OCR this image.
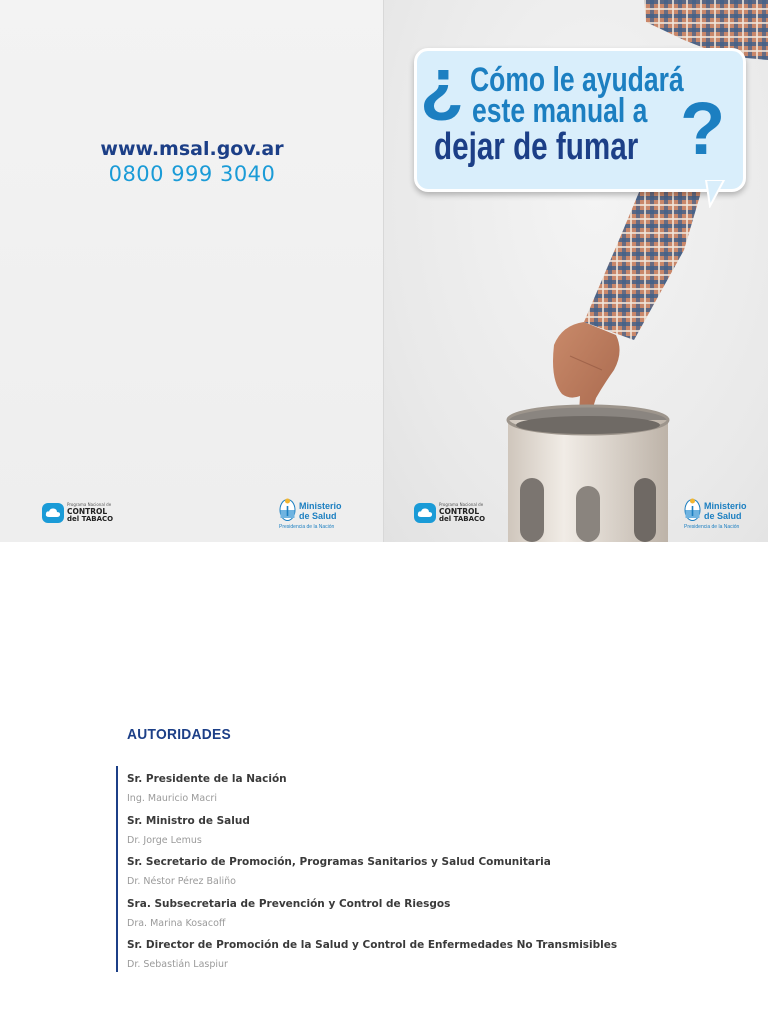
www.msal.gov.ar
0800 999 3040
Programa Nacional de
CONTROL
del TABACO
Ministerio
de Salud
Presidencia de la Nación
¿ Cómo le ayudará
este manual a
dejar de fumar ?
Programa Nacional de
CONTROL
del TABACO
Ministerio
de Salud
Presidencia de la Nación
AUTORIDADES
Sr. Presidente de la Nación
Ing. Mauricio Macri
Sr. Ministro de Salud
Dr. Jorge Lemus
Sr. Secretario de Promoción, Programas Sanitarios y Salud Comunitaria
Dr. Néstor Pérez Baliño
Sra. Subsecretaria de Prevención y Control de Riesgos
Dra. Marina Kosacoff
Sr. Director de Promoción de la Salud y Control de Enfermedades No Transmisibles
Dr. Sebastián Laspiur
